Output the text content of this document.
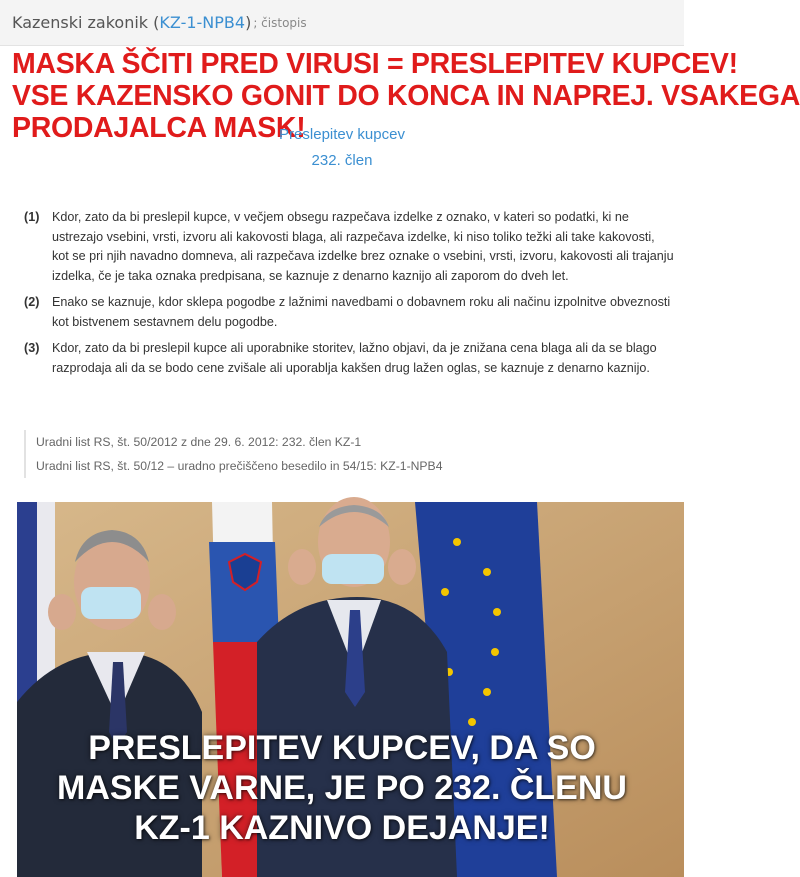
Kazenski zakonik ( KZ-1-NPB4 ) ; čistopis
MASKA ŠČITI PRED VIRUSI = PRESLEPITEV KUPCEV!
VSE KAZENSKO GONIT DO KONCA IN NAPREJ. VSAKEGA
PRODAJALCA MASK!
Preslepitev kupcev
232. člen
(1) Kdor, zato da bi preslepil kupce, v večjem obsegu razpečava izdelke z oznako, v kateri so podatki, ki ne ustrezajo vsebini, vrsti, izvoru ali kakovosti blaga, ali razpečava izdelke, ki niso toliko težki ali take kakovosti, kot se pri njih navadno domneva, ali razpečava izdelke brez oznake o vsebini, vrsti, izvoru, kakovosti ali trajanju izdelka, če je taka oznaka predpisana, se kaznuje z denarno kaznijo ali zaporom do dveh let.
(2) Enako se kaznuje, kdor sklepa pogodbe z lažnimi navedbami o dobavnem roku ali načinu izpolnitve obveznosti kot bistvenem sestavnem delu pogodbe.
(3) Kdor, zato da bi preslepil kupce ali uporabnike storitev, lažno objavi, da je znižana cena blaga ali da se blago razprodaja ali da se bodo cene zvišale ali uporablja kakšen drug lažen oglas, se kaznuje z denarno kaznijo.
Uradni list RS, št. 50/2012 z dne 29. 6. 2012: 232. člen KZ-1
Uradni list RS, št. 50/12 – uradno prečiščeno besedilo in 54/15: KZ-1-NPB4
PRESLEPITEV KUPCEV, DA SO
MASKE VARNE, JE PO 232. ČLENU
KZ-1 KAZNIVO DEJANJE!
